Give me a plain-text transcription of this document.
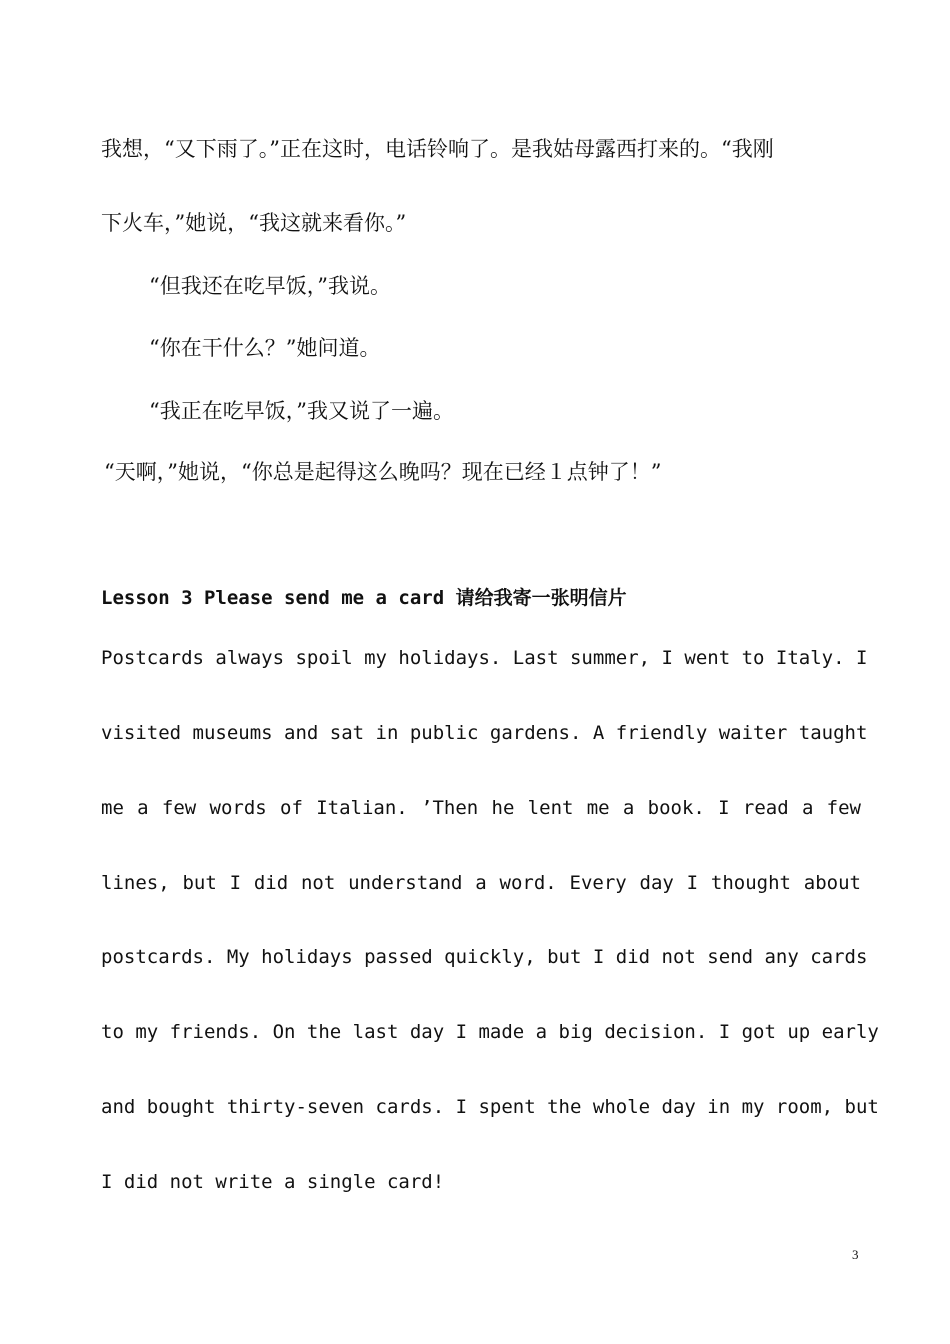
我想，“又下雨了。”正在这时，电话铃响了。是我姑母露西打来的。“我刚
下火车，”她说，“我这就来看你。”
“但我还在吃早饭，”我说。
“你在干什么？”她问道。
“我正在吃早饭，”我又说了一遍。
“天啊，”她说，“你总是起得这么晚吗？现在已经１点钟了！”
Lesson 3 Please send me a card 请给我寄一张明信片
Postcards always spoil my holidays. Last summer, I went to Italy. I
visited museums and sat in public gardens. A friendly waiter taught
me a few words of Italian. ’Then he lent me a book. I read a few
lines, but I did not understand a word. Every day I thought about
postcards. My holidays passed quickly, but I did not send any cards
to my friends. On the last day I made a big decision. I got up early
and bought thirty-seven cards. I spent the whole day in my room, but
I did not write a single card!
3
